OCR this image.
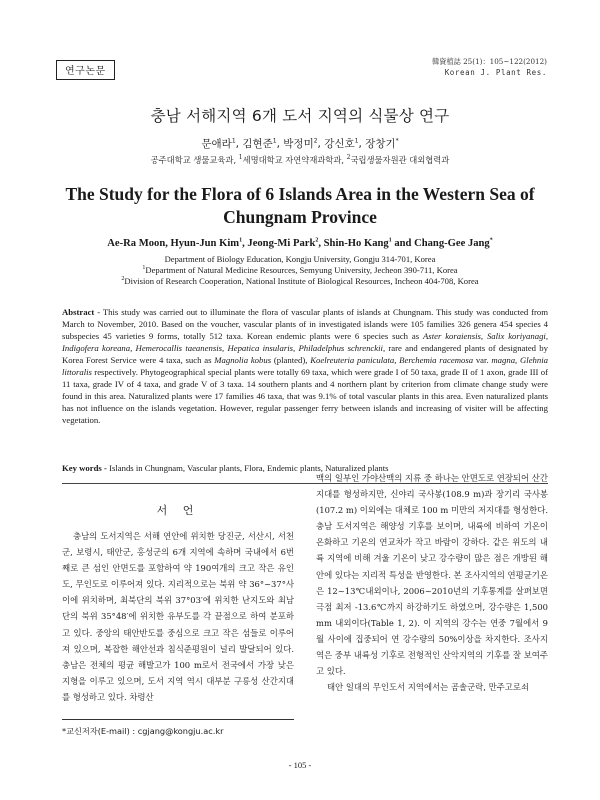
연구논문
韓資植誌 25(1)：105~122(2012)
Korean J. Plant Res.
충남 서해지역 6개 도서 지역의 식물상 연구
문애라$^1$, 김현준$^1$, 박정미$^2$, 강신호$^1$, 장창기*
공주대학교 생물교육과, $^1$세명대학교 자연약재과학과, $^2$국립생물자원관 대외협력과
The Study for the Flora of 6 Islands Area in the Western Sea of Chungnam Province
Ae-Ra Moon, Hyun-Jun Kim$^1$, Jeong-Mi Park$^2$, Shin-Ho Kang$^1$ and Chang-Gee Jang*
Department of Biology Education, Kongju University, Gongju 314-701, Korea
$^1$Department of Natural Medicine Resources, Semyung University, Jecheon 390-711, Korea
$^2$Division of Research Cooperation, National Institute of Biological Resources, Incheon 404-708, Korea
Abstract - This study was carried out to illuminate the flora of vascular plants of islands at Chungnam. This study was conducted from March to November, 2010. Based on the voucher, vascular plants of in investigated islands were 105 families 326 genera 454 species 4 subspecies 45 varieties 9 forms, totally 512 taxa. Korean endemic plants were 6 species such as Aster koraiensis, Salix koriyanagi, Indigofera koreana, Hemerocallis taeanensis, Hepatica insularis, Philadelphus schrenckii, rare and endangered plants of designated by Korea Forest Service were 4 taxa, such as Magnolia kobus (planted), Koelreuteria paniculata, Berchemia racemosa var. magna, Glehnia littoralis respectively. Phytogeographical special plants were totally 69 taxa, which were grade I of 50 taxa, grade II of 1 axon, grade III of 11 taxa, grade IV of 4 taxa, and grade V of 3 taxa. 14 southern plants and 4 northern plant by criterion from climate change study were found in this area. Naturalized plants were 17 families 46 taxa, that was 9.1% of total vascular plants in this area. Even naturalized plants has not influence on the islands vegetation. However, regular passenger ferry between islands and increasing of visiter will be affecting vegetation.
Key words - Islands in Chungnam, Vascular plants, Flora, Endemic plants, Naturalized plants
서 언

충남의 도서지역은 서해 연안에 위치한 당진군, 서산시, 서천군, 보령시, 태안군, 홍성군의 6개 지역에 속하며 국내에서 6번째로 큰 섬인 안면도를 포함하여 약 190여개의 크고 작은 유인도, 무인도로 이루어져 있다. 지리적으로는 북위 약 36°~37°사이에 위치하며, 최북단의 북위 37°03′에 위치한 난지도와 최남단의 북위 35°48′에 위치한 유부도를 각 끝점으로 하여 분포하고 있다. 중앙의 태안반도를 중심으로 크고 작은 섬들로 이루어져 있으며, 복잡한 해안선과 침식준평원이 널리 발달되어 있다. 충남은 전체의 평균 해발고가 100 m로서 전국에서 가장 낮은 지형을 이루고 있으며, 도서 지역 역시 대부분 구릉성 산간지대를 형성하고 있다. 차령산

맥의 일부인 가야산맥의 지류 중 하나는 안면도로 연장되어 산간지대를 형성하지만, 신야리 국사봉(108.9 m)과 장기리 국사봉(107.2 m) 이외에는 대체로 100 m 미만의 저지대를 형성한다. 충남 도서지역은 해양성 기후를 보이며, 내륙에 비하여 기온이 온화하고 기온의 연교차가 작고 바람이 강하다. 같은 위도의 내륙 지역에 비해 겨울 기온이 낮고 강수량이 많은 점은 개방된 해안에 있다는 지리적 특성을 반영한다. 본 조사지역의 연평균기온은 12~13℃내외이나, 2006~2010년의 기후통계를 살펴보면 극점 최저 -13.6℃까지 하강하기도 하였으며, 강수량은 1,500 mm 내외이다(Table 1, 2). 이 지역의 강수는 연중 7월에서 9월 사이에 집중되어 연 강수량의 50%이상을 차지한다. 조사지역은 중부 내륙성 기후로 전형적인 산악지역의 기후를 잘 보여주고 있다.

태안 일대의 무인도서 지역에서는 곰솔군락, 만주고로쇠

*교신저자(E-mail) : cgjang@kongju.ac.kr
- 105 -
